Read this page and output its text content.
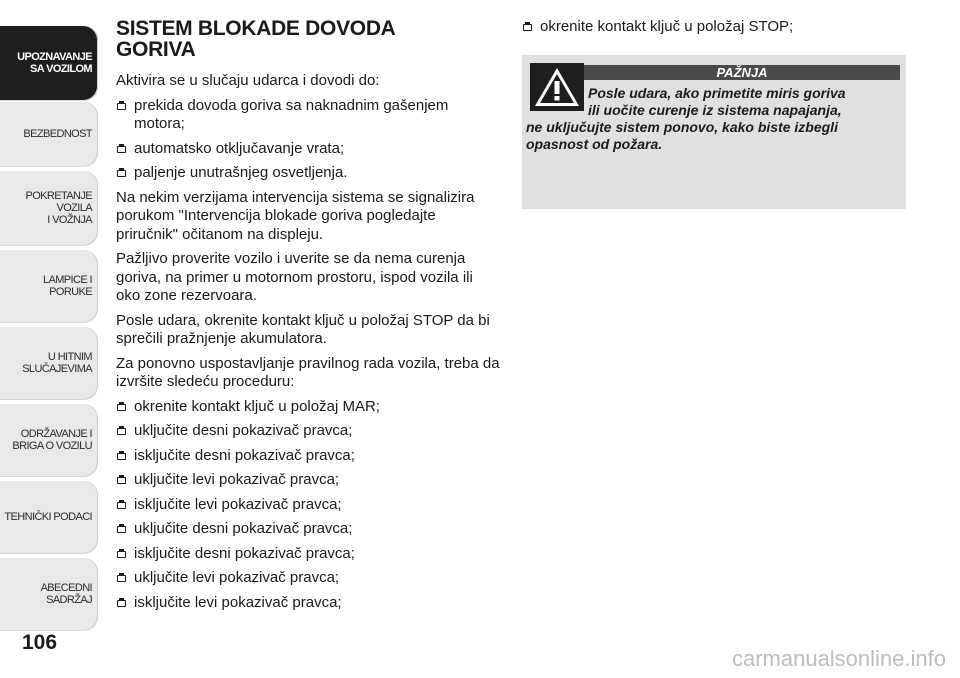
UPOZNAVANJE
SA VOZILOM
BEZBEDNOST
POKRETANJE VOZILA
I VOŽNJA
LAMPICE I PORUKE
U HITNIM
SLUČAJEVIMA
ODRŽAVANJE I
BRIGA O VOZILU
TEHNIČKI PODACI
ABECEDNI SADRŽAJ
106
SISTEM BLOKADE DOVODA GORIVA

Aktivira se u slučaju udarca i dovodi do:

prekida dovoda goriva sa naknadnim gašenjem motora;
automatsko otključavanje vrata;
paljenje unutrašnjeg osvetljenja.

Na nekim verzijama intervencija sistema se signalizira porukom "Intervencija blokade goriva pogledajte priručnik" očitanom na displeju.

Pažljivo proverite vozilo i uverite se da nema curenja goriva, na primer u motornom prostoru, ispod vozila ili oko zone rezervoara.

Posle udara, okrenite kontakt ključ u položaj STOP da bi sprečili pražnjenje akumulatora.

Za ponovno uspostavljanje pravilnog rada vozila, treba da izvršite sledeću proceduru:

okrenite kontakt ključ u položaj MAR;
uključite desni pokazivač pravca;
isključite desni pokazivač pravca;
uključite levi pokazivač pravca;
isključite levi pokazivač pravca;
uključite desni pokazivač pravca;
isključite desni pokazivač pravca;
uključite levi pokazivač pravca;
isključite levi pokazivač pravca;
okrenite kontakt ključ u položaj STOP;
PAŽNJA
Posle udara, ako primetite miris goriva
ili uočite curenje iz sistema napajanja,
ne uključujte sistem ponovo, kako biste izbegli opasnost od požara.
carmanualsonline.info
